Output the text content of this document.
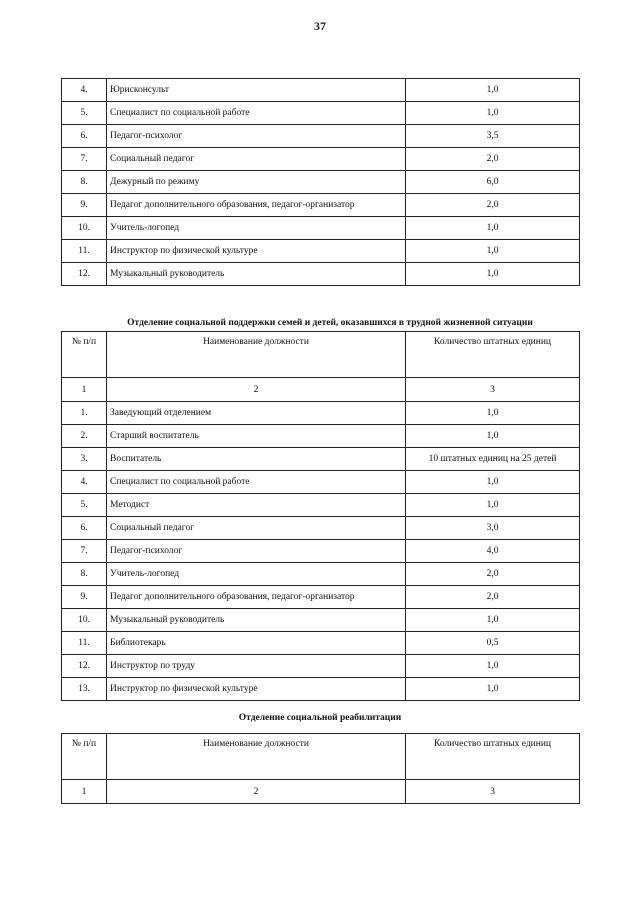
37
4.	Юрисконсульт	1,0
5.	Специалист по социальной работе	1,0
6.	Педагог-психолог	3,5
7.	Социальный педагог	2,0
8.	Дежурный по режиму	6,0
9.	Педагог дополнительного образования, педагог-организатор	2,0
10.	Учитель-логопед	1,0
11.	Инструктор по физической культуре	1,0
12.	Музыкальный руководитель	1,0
Отделение социальной поддержки семей и детей, оказавшихся в трудной жизненной ситуации
№ п/п	Наименование должности	Количество штатных единиц
1	2	3
1.	Заведующий отделением	1,0
2.	Старший воспитатель	1,0
3.	Воспитатель	10 штатных единиц на 25 детей
4.	Специалист по социальной работе	1,0
5.	Методист	1,0
6.	Социальный педагог	3,0
7.	Педагог-психолог	4,0
8.	Учитель-логопед	2,0
9.	Педагог дополнительного образования, педагог-организатор	2,0
10.	Музыкальный руководитель	1,0
11.	Библиотекарь	0,5
12.	Инструктор по труду	1,0
13.	Инструктор по физической культуре	1,0
Отделение социальной реабилитации
№ п/п	Наименование должности	Количество штатных единиц
1	2	3
